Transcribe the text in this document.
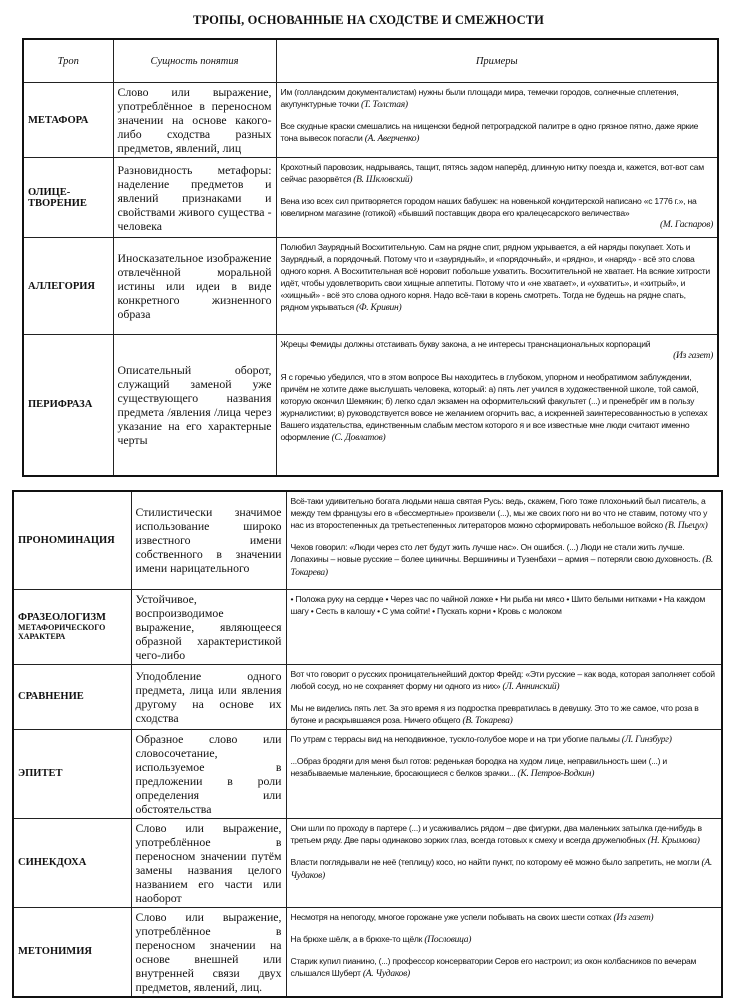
ТРОПЫ, ОСНОВАННЫЕ НА СХОДСТВЕ И СМЕЖНОСТИ
Троп	Сущность понятия	Примеры
МЕТАФОРА	Слово или выражение, употреблённое в переносном значении на основе какого-либо сходства разных предметов, явлений, лиц	Им (голландским документалистам) нужны были площади мира, темечки городов, солнечные сплетения, акупунктурные точки (Т. Толстая)

Все скудные краски смешались на нищенски бедной петроградской палитре в одно грязное пятно, даже яркие тона вывесок погасли (А. Аверченко)

ОЛИЦЕ-ТВОРЕНИЕ	Разновидность метафоры: наделение предметов и явлений признаками и свойствами живого существа - человека	Крохотный паровозик, надрываясь, тащит, пятясь задом наперёд, длинную нитку поезда и, кажется, вот-вот сам сейчас разорвётся (В. Шкловский)

Вена изо всех сил притворяется городом наших бабушек: на новенькой кондитерской написано «с 1776 г.», на ювелирном магазине (готикой) «бывший поставщик двора его кралецесарского величества»
(М. Гаспаров)

АЛЛЕГОРИЯ	Иносказательное изображение отвлечённой моральной истины или идеи в виде конкретного жизненного образа	Полюбил Заурядный Восхитительную. Сам на рядне спит, рядном укрывается, а ей наряды покупает. Хоть и Заурядный, а порядочный. Потому что и «заурядный», и «порядочный», и «рядно», и «наряд» - всё это слова одного корня. А Восхитительная всё норовит побольше ухватить. Восхитительной не хватает. На всякие хитрости идёт, чтобы удовлетворить свои хищные аппетиты. Потому что и «не хватает», и «ухватить», и «хитрый», и «хищный» - всё это слова одного корня. Надо всё-таки в корень смотреть. Тогда не будешь на рядне спать, рядном укрываться (Ф. Кривин)

ПЕРИФРАЗА	Описательный оборот, служащий заменой уже существующего названия предмета /явления /лица через указание на его характерные черты	Жрецы Фемиды должны отстаивать букву закона, а не интересы транснациональных корпораций
(Из газет)

Я с горечью убедился, что в этом вопросе Вы находитесь в глубоком, упорном и необратимом заблуждении, причём не хотите даже выслушать человека, который: а) пять лет учился в художественной школе, той самой, которую окончил Шемякин; б) легко сдал экзамен на оформительский факультет (...) и пренебрёг им в пользу журналистики; в) руководствуется вовсе не желанием огорчить вас, а искренней заинтересованностью в успехах Вашего издательства, единственным слабым местом которого я и все известные мне люди считают именно оформление (С. Довлатов)

ПРОНОМИНАЦИЯ	Стилистически значимое использование широко известного имени собственного в значении имени нарицательного	Всё-таки удивительно богата людьми наша святая Русь: ведь, скажем, Гюго тоже плохонький был писатель, а между тем французы его в «бессмертные» произвели (...), мы же своих гюго ни во что не ставим, потому что у нас из второстепенных да третьестепенных литераторов можно сформировать небольшое войско (В. Пьецух)

Чехов говорил: «Люди через сто лет будут жить лучше нас». Он ошибся. (...) Люди не стали жить лучше. Лопахины – новые русские – более циничны. Вершинины и Тузенбахи – армия – потеряли свою духовность. (В. Токарева)

ФРАЗЕОЛОГИЗМ
МЕТАФОРИЧЕСКОГО ХАРАКТЕРА	Устойчивое, воспроизводимое выражение, являющееся образной характеристикой чего-либо	• Положа руку на сердце • Через час по чайной ложке • Ни рыба ни мясо • Шито белыми нитками • На каждом шагу • Сесть в калошу • С ума сойти! • Пускать корни • Кровь с молоком

СРАВНЕНИЕ	Уподобление одного предмета, лица или явления другому на основе их сходства	Вот что говорит о русских проницательнейший доктор Фрейд: «Эти русские – как вода, которая заполняет собой любой сосуд, но не сохраняет форму ни одного из них» (Л. Аннинский)

Мы не виделись пять лет. За это время я из подростка превратилась в девушку. Это то же самое, что роза в бутоне и раскрывшаяся роза. Ничего общего (В. Токарева)

ЭПИТЕТ	Образное слово или словосочетание, используемое в предложении в роли определения или обстоятельства	По утрам с террасы вид на неподвижное, тускло-голубое море и на три убогие пальмы (Л. Гинзбург)

...Образ бродяги для меня был готов: реденькая бородка на худом лице, неправильность шеи (...) и незабываемые маленькие, бросающиеся с белков зрачки... (К. Петров-Водкин)

СИНЕКДОХА	Слово или выражение, употреблённое в переносном значении путём замены названия целого названием его части или наоборот	Они шли по проходу в партере (...) и усаживались рядом – две фигурки, два маленьких затылка где-нибудь в третьем ряду. Две пары одинаково зорких глаз, всегда готовых к смеху и всегда дружелюбных (Н. Крымова)

Власти поглядывали не неё (теплицу) косо, но найти пункт, по которому её можно было запретить, не могли (А. Чудаков)

МЕТОНИМИЯ	Слово или выражение, употреблённое в переносном значении на основе внешней или внутренней связи двух предметов, явлений, лиц.	Несмотря на непогоду, многое горожане уже успели побывать на своих шести сотках (Из газет)

На брюхе шёлк, а в брюхе-то щёлк (Пословица)

Старик купил пианино, (...) профессор консерватории Серов его настроил; из окон колбасников по вечерам слышался Шуберт (А. Чудаков)
